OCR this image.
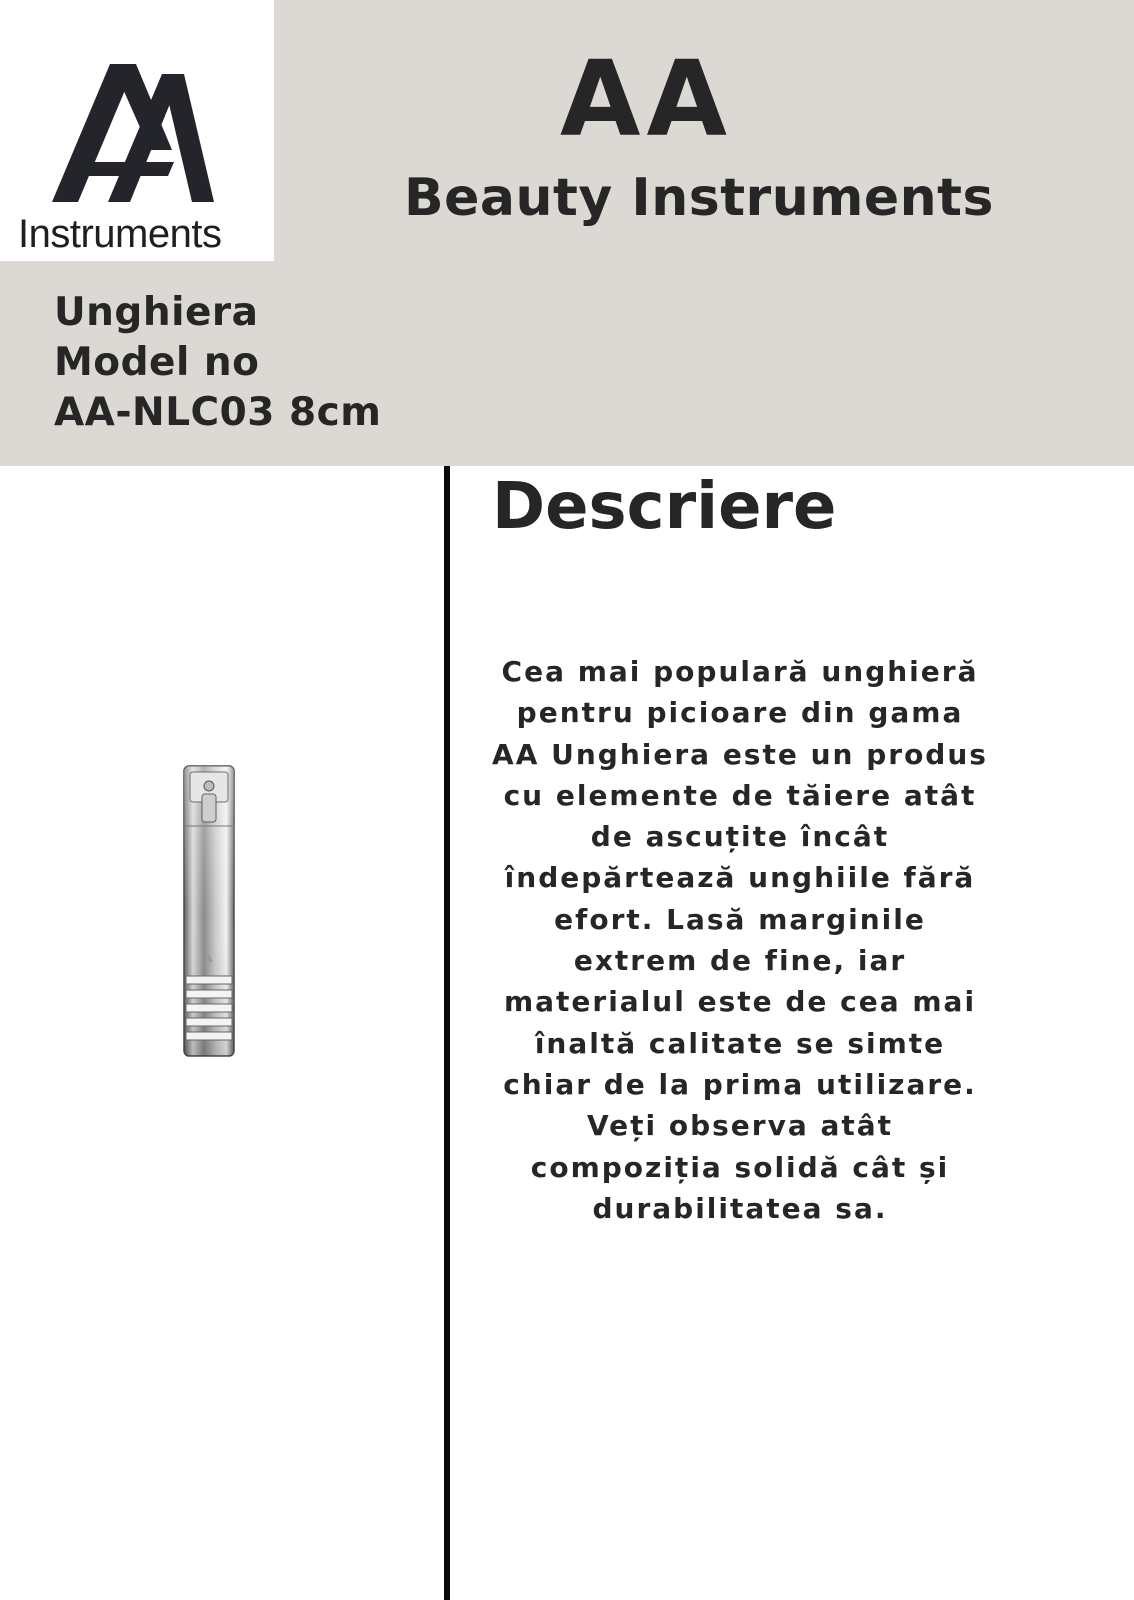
Instruments
AA
Beauty Instruments
Unghiera
Model no
AA-NLC03 8cm
Descriere
Cea mai populară unghieră
pentru picioare din gama
AA Unghiera este un produs
cu elemente de tăiere atât
de ascuțite încât
îndepărtează unghiile fără
efort. Lasă marginile
extrem de fine, iar
materialul este de cea mai
înaltă calitate se simte
chiar de la prima utilizare.
Veți observa atât
compoziția solidă cât și
durabilitatea sa.
